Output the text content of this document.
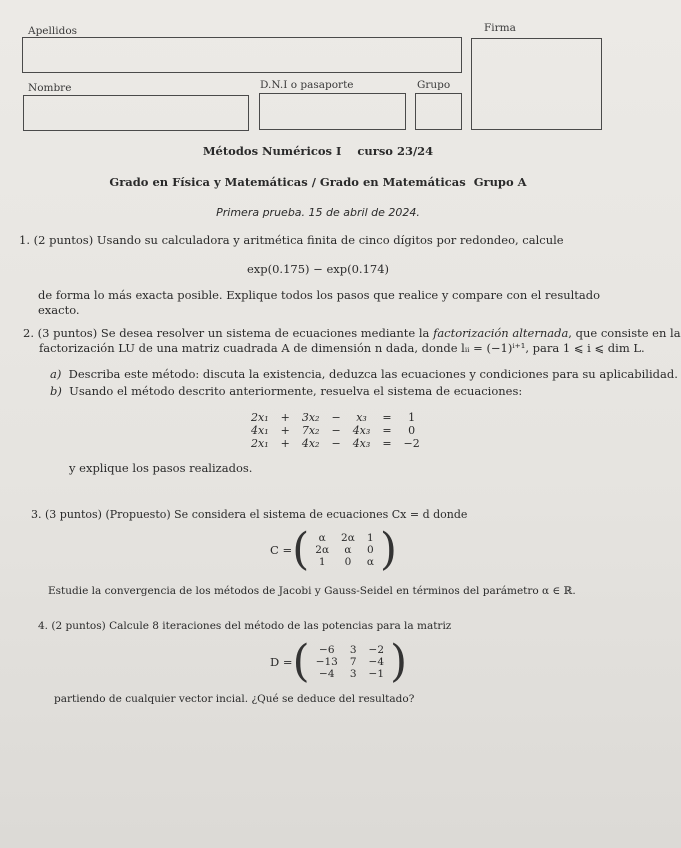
Apellidos	Firma
Nombre	D.N.I o pasaporte	Grupo
Métodos Numéricos I curso 23/24
Grado en Física y Matemáticas / Grado en Matemáticas Grupo A
Primera prueba. 15 de abril de 2024.
1. (2 puntos) Usando su calculadora y aritmética finita de cinco dígitos por redondeo, calcule
exp(0.175) − exp(0.174)
de forma lo más exacta posible. Explique todos los pasos que realice y compare con el resultado exacto.
2. (3 puntos) Se desea resolver un sistema de ecuaciones mediante la factorización alternada, que consiste en la
factorización LU de una matriz cuadrada A de dimensión n dada, donde lᵢᵢ = (−1)ⁱ⁺¹, para 1 ⩽ i ⩽ dim L.
a) Describa este método: discuta la existencia, deduzca las ecuaciones y condiciones para su aplicabilidad.
b) Usando el método descrito anteriormente, resuelva el sistema de ecuaciones:
2x₁	+	3x₂	−	x₃	=	1
4x₁	+	7x₂	−	4x₃	=	0
2x₁	+	4x₂	−	4x₃	=	−2
y explique los pasos realizados.
3. (3 puntos) (Propuesto) Se considera el sistema de ecuaciones Cx = d donde
C = ( α	2α	1
2α	α	0
1	0	α )
Estudie la convergencia de los métodos de Jacobi y Gauss-Seidel en términos del parámetro α ∈ ℝ.
4. (2 puntos) Calcule 8 iteraciones del método de las potencias para la matriz
D = ( −6	3	−2
−13	7	−4
−4	3	−1 )
partiendo de cualquier vector incial. ¿Qué se deduce del resultado?
